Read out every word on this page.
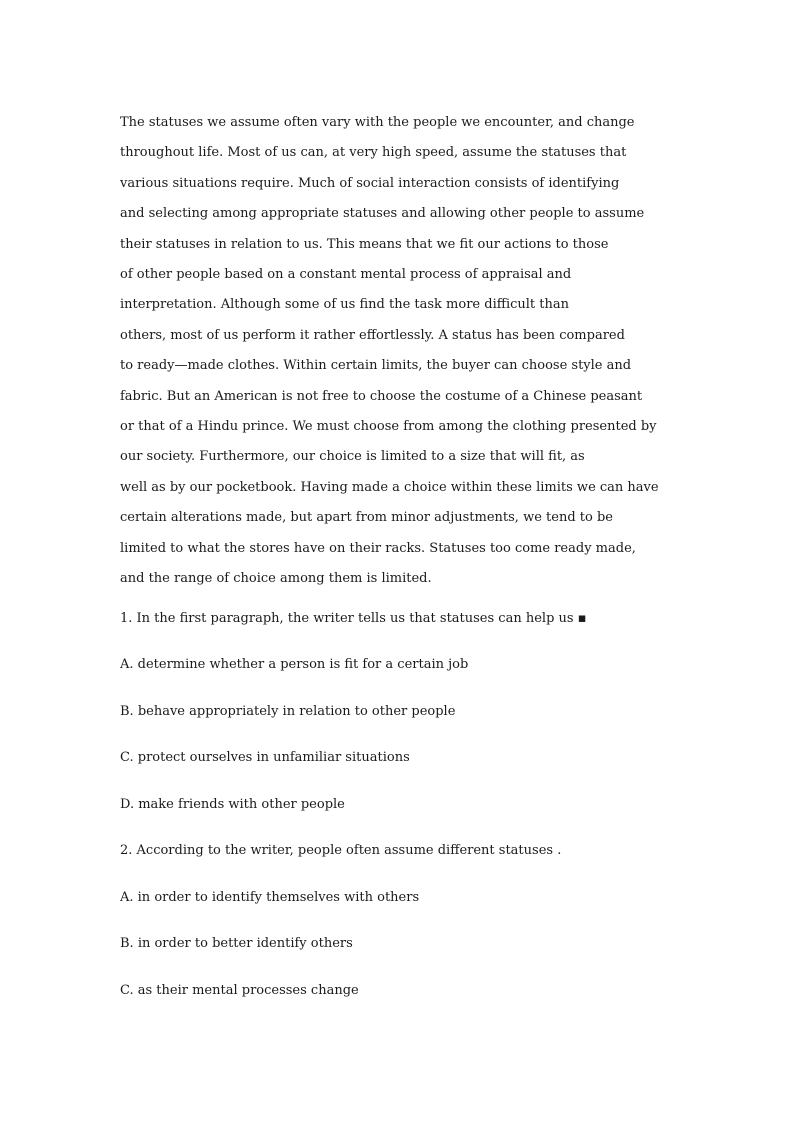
The statuses we assume often vary with the people we encounter, and change
throughout life. Most of us can, at very high speed, assume the statuses that
various situations require. Much of social interaction consists of identifying
and selecting among appropriate statuses and allowing other people to assume
their statuses in relation to us. This means that we fit our actions to those
of other people based on a constant mental process of appraisal and
interpretation. Although some of us find the task more difficult than
others, most of us perform it rather effortlessly. A status has been compared
to ready—made clothes. Within certain limits, the buyer can choose style and
fabric. But an American is not free to choose the costume of a Chinese peasant
or that of a Hindu prince. We must choose from among the clothing presented by
our society. Furthermore, our choice is limited to a size that will fit, as
well as by our pocketbook. Having made a choice within these limits we can have
certain alterations made, but apart from minor adjustments, we tend to be
limited to what the stores have on their racks. Statuses too come ready made,
and the range of choice among them is limited.
1. In the first paragraph, the writer tells us that statuses can help us ▪
A. determine whether a person is fit for a certain job
B. behave appropriately in relation to other people
C. protect ourselves in unfamiliar situations
D. make friends with other people
2. According to the writer, people often assume different statuses .
A. in order to identify themselves with others
B. in order to better identify others
C. as their mental processes change
